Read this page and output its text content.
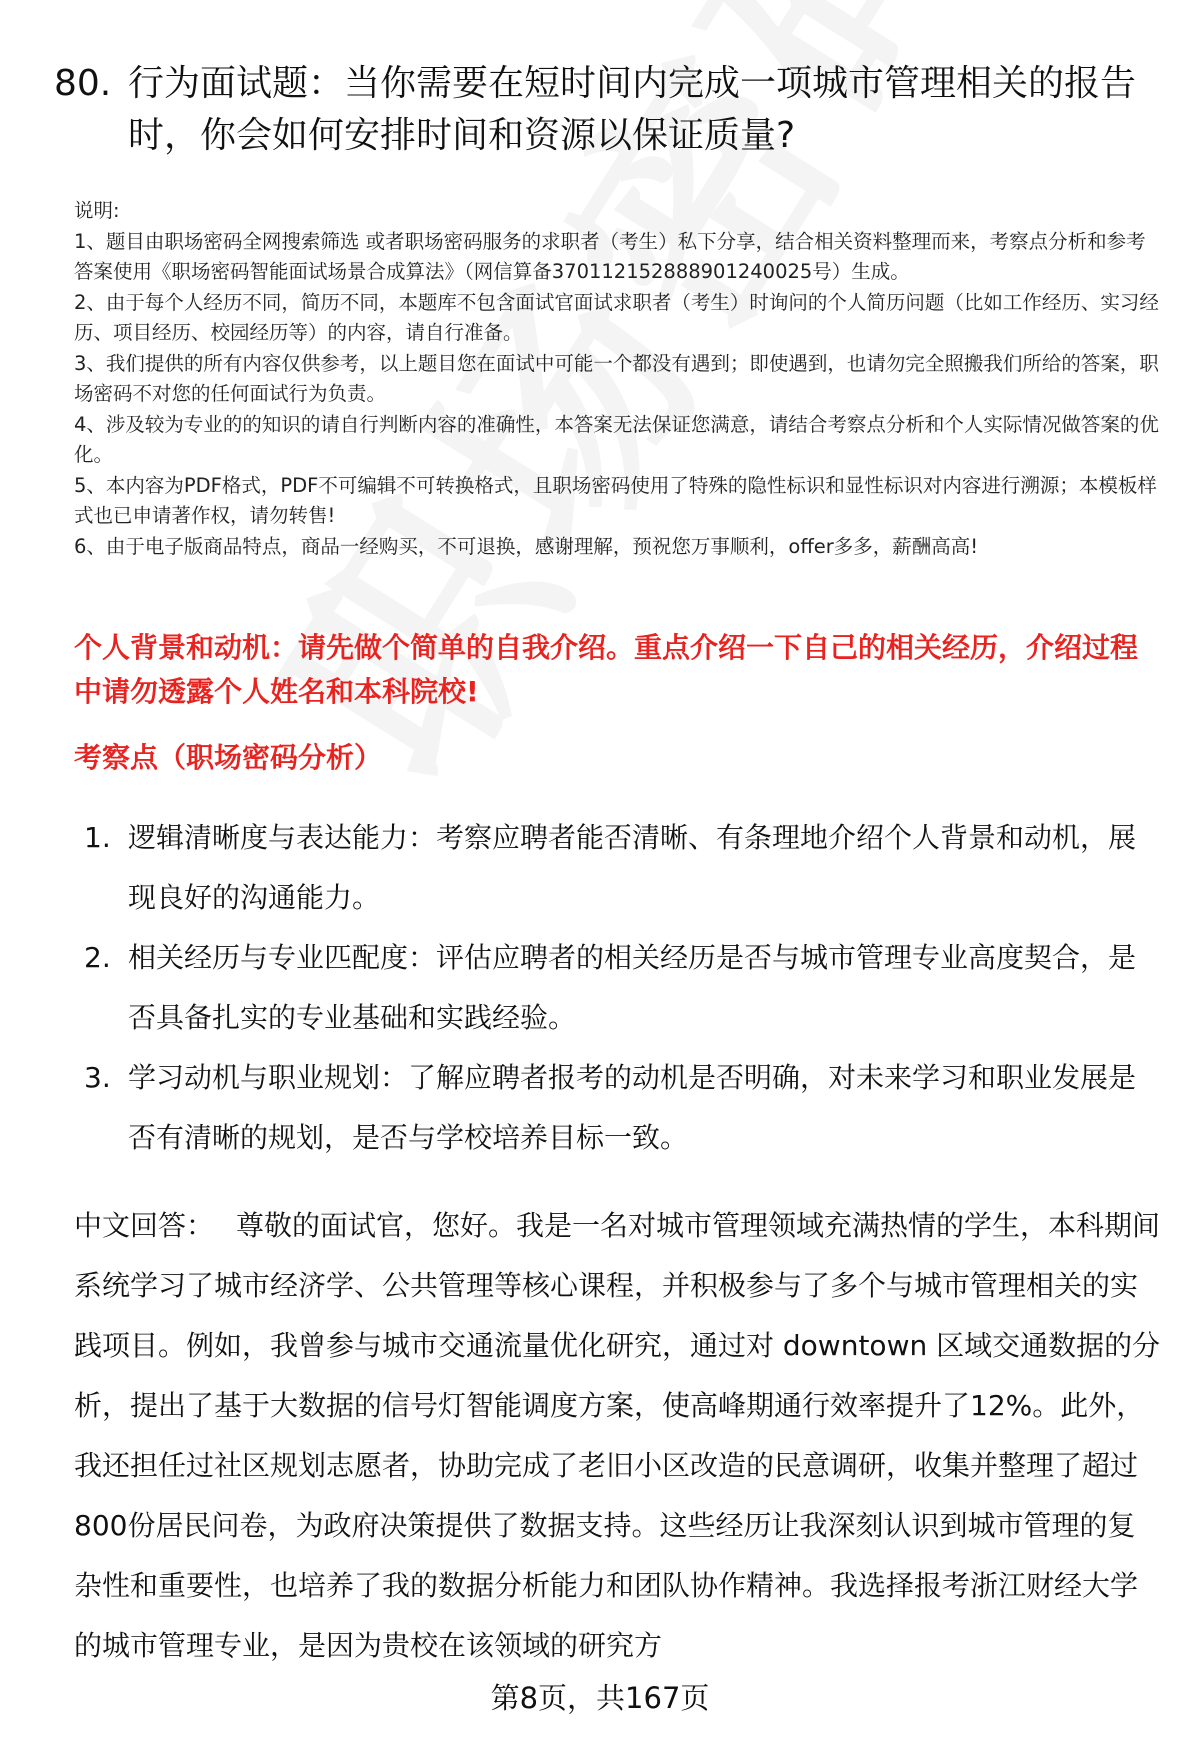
80. 行为面试题：当你需要在短时间内完成一项城市管理相关的报告时，你会如何安排时间和资源以保证质量?

说明:

1、题目由职场密码全网搜索筛选 或者职场密码服务的求职者（考生）私下分享，结合相关资料整理而来，考察点分析和参考答案使用《职场密码智能面试场景合成算法》（网信算备370112152888901240025号）生成。

2、由于每个人经历不同，简历不同，本题库不包含面试官面试求职者（考生）时询问的个人简历问题（比如工作经历、实习经历、项目经历、校园经历等）的内容，请自行准备。

3、我们提供的所有内容仅供参考，以上题目您在面试中可能一个都没有遇到；即使遇到，也请勿完全照搬我们所给的答案，职场密码不对您的任何面试行为负责。

4、涉及较为专业的的知识的请自行判断内容的准确性，本答案无法保证您满意，请结合考察点分析和个人实际情况做答案的优化。

5、本内容为PDF格式，PDF不可编辑不可转换格式，且职场密码使用了特殊的隐性标识和显性标识对内容进行溯源；本模板样式也已申请著作权，请勿转售!

6、由于电子版商品特点，商品一经购买，不可退换，感谢理解，预祝您万事顺利，offer多多，薪酬高高!

个人背景和动机：请先做个简单的自我介绍。重点介绍一下自己的相关经历，介绍过程中请勿透露个人姓名和本科院校!
考察点（职场密码分析）
1. 逻辑清晰度与表达能力：考察应聘者能否清晰、有条理地介绍个人背景和动机，展现良好的沟通能力。
2. 相关经历与专业匹配度：评估应聘者的相关经历是否与城市管理专业高度契合，是否具备扎实的专业基础和实践经验。
3. 学习动机与职业规划：了解应聘者报考的动机是否明确，对未来学习和职业发展是否有清晰的规划，是否与学校培养目标一致。
中文回答： 尊敬的面试官，您好。我是一名对城市管理领域充满热情的学生，本科期间系统学习了城市经济学、公共管理等核心课程，并积极参与了多个与城市管理相关的实践项目。例如，我曾参与城市交通流量优化研究，通过对 downtown 区域交通数据的分析，提出了基于大数据的信号灯智能调度方案，使高峰期通行效率提升了12%。此外，我还担任过社区规划志愿者，协助完成了老旧小区改造的民意调研，收集并整理了超过800份居民问卷，为政府决策提供了数据支持。这些经历让我深刻认识到城市管理的复杂性和重要性，也培养了我的数据分析能力和团队协作精神。我选择报考浙江财经大学的城市管理专业，是因为贵校在该领域的研究方
第8页，共167页
